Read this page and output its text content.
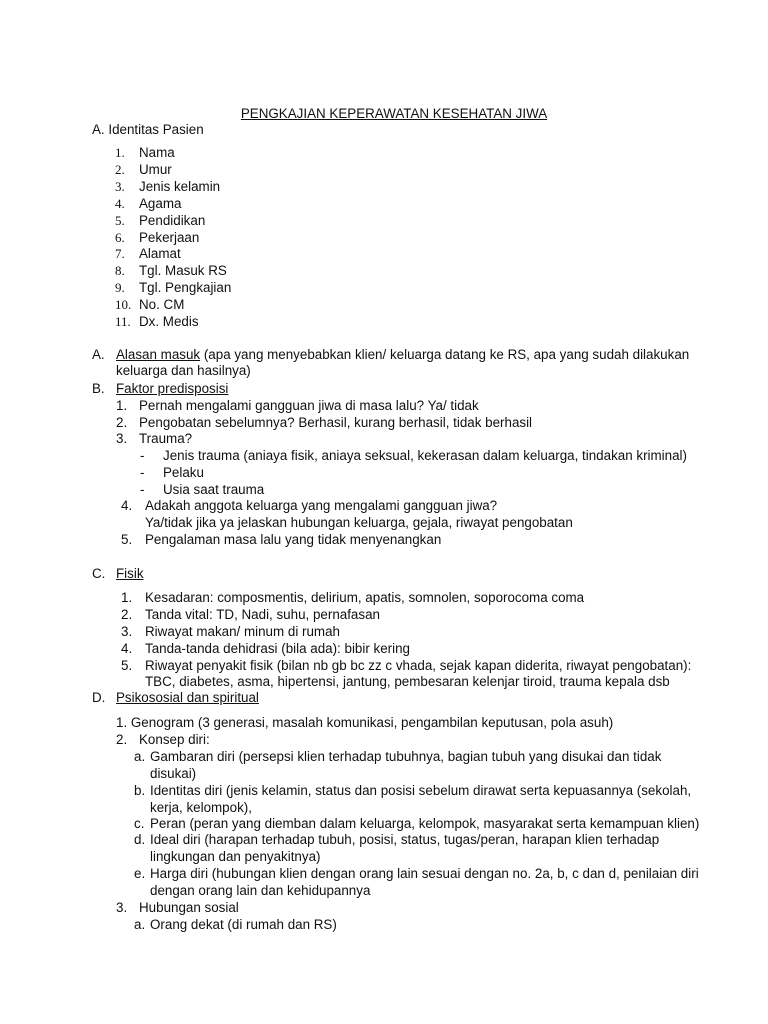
PENGKAJIAN KEPERAWATAN KESEHATAN JIWA
A. Identitas Pasien
1. Nama
2. Umur
3. Jenis kelamin
4. Agama
5. Pendidikan
6. Pekerjaan
7. Alamat
8. Tgl. Masuk RS
9. Tgl. Pengkajian
10. No. CM
11. Dx. Medis
A. Alasan masuk (apa yang menyebabkan klien/ keluarga datang ke RS, apa yang sudah dilakukan
keluarga dan hasilnya)
B. Faktor predisposisi
1. Pernah mengalami gangguan jiwa di masa lalu? Ya/ tidak
2. Pengobatan sebelumnya? Berhasil, kurang berhasil, tidak berhasil
3. Trauma?
- Jenis trauma (aniaya fisik, aniaya seksual, kekerasan dalam keluarga, tindakan kriminal)
- Pelaku
- Usia saat trauma
4. Adakah anggota keluarga yang mengalami gangguan jiwa?
Ya/tidak jika ya jelaskan hubungan keluarga, gejala, riwayat pengobatan
5. Pengalaman masa lalu yang tidak menyenangkan
C. Fisik
1. Kesadaran: composmentis, delirium, apatis, somnolen, soporocoma coma
2. Tanda vital: TD, Nadi, suhu, pernafasan
3. Riwayat makan/ minum di rumah
4. Tanda-tanda dehidrasi (bila ada): bibir kering
5. Riwayat penyakit fisik (bilan nb gb bc zz c vhada, sejak kapan diderita, riwayat pengobatan):
TBC, diabetes, asma, hipertensi, jantung, pembesaran kelenjar tiroid, trauma kepala dsb
D. Psikososial dan spiritual
1. Genogram (3 generasi, masalah komunikasi, pengambilan keputusan, pola asuh)
2. Konsep diri:
a. Gambaran diri (persepsi klien terhadap tubuhnya, bagian tubuh yang disukai dan tidak
disukai)
b. Identitas diri (jenis kelamin, status dan posisi sebelum dirawat serta kepuasannya (sekolah,
kerja, kelompok),
c. Peran (peran yang diemban dalam keluarga, kelompok, masyarakat serta kemampuan klien)
d. Ideal diri (harapan terhadap tubuh, posisi, status, tugas/peran, harapan klien terhadap
lingkungan dan penyakitnya)
e. Harga diri (hubungan klien dengan orang lain sesuai dengan no. 2a, b, c dan d, penilaian diri
dengan orang lain dan kehidupannya
3. Hubungan sosial
a. Orang dekat (di rumah dan RS)
